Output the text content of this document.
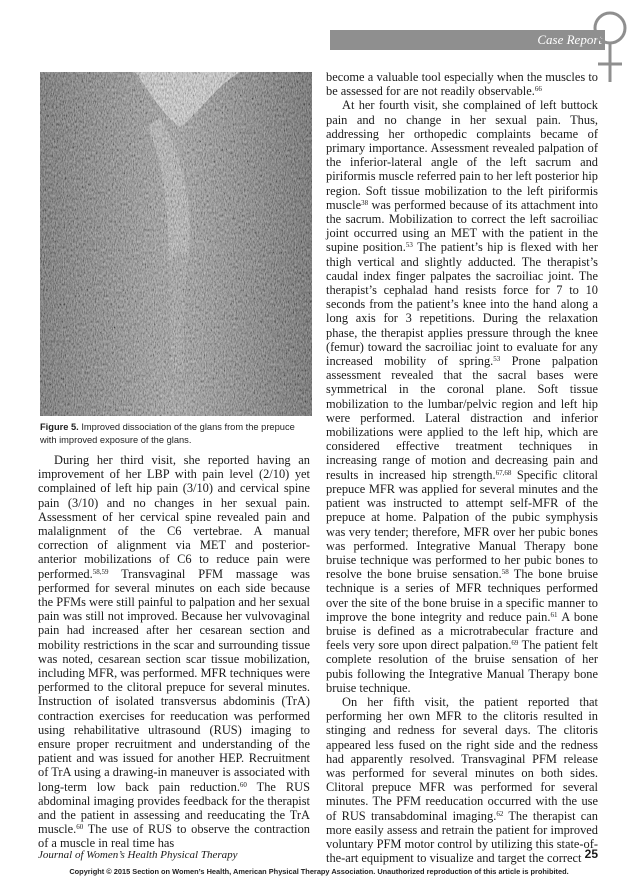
Case Report
Figure 5. Improved dissociation of the glans from the prepuce with improved exposure of the glans.

During her third visit, she reported having an improvement of her LBP with pain level (2/10) yet complained of left hip pain (3/10) and cervical spine pain (3/10) and no changes in her sexual pain. Assessment of her cervical spine revealed pain and malalignment of the C6 vertebrae. A manual correction of alignment via MET and posterior-anterior mobilizations of C6 to reduce pain were performed.$^{58,59}$ Transvaginal PFM massage was performed for several minutes on each side because the PFMs were still painful to palpation and her sexual pain was still not improved. Because her vulvovaginal pain had increased after her cesarean section and mobility restrictions in the scar and surrounding tissue was noted, cesarean section scar tissue mobilization, including MFR, was performed. MFR techniques were performed to the clitoral prepuce for several minutes. Instruction of isolated transversus abdominis (TrA) contraction exercises for reeducation was performed using rehabilitative ultrasound (RUS) imaging to ensure proper recruitment and understanding of the patient and was issued for another HEP. Recruitment of TrA using a drawing-in maneuver is associated with long-term low back pain reduction.$^{60}$ The RUS abdominal imaging provides feedback for the therapist and the patient in assessing and reeducating the TrA muscle.$^{60}$ The use of RUS to observe the contraction of a muscle in real time has

become a valuable tool especially when the muscles to be assessed for are not readily observable.$^{66}$

At her fourth visit, she complained of left buttock pain and no change in her sexual pain. Thus, addressing her orthopedic complaints became of primary importance. Assessment revealed palpation of the inferior-lateral angle of the left sacrum and piriformis muscle referred pain to her left posterior hip region. Soft tissue mobilization to the left piriformis muscle$^{38}$ was performed because of its attachment into the sacrum. Mobilization to correct the left sacroiliac joint occurred using an MET with the patient in the supine position.$^{53}$ The patient’s hip is flexed with her thigh vertical and slightly adducted. The therapist’s caudal index finger palpates the sacroiliac joint. The therapist’s cephalad hand resists force for 7 to 10 seconds from the patient’s knee into the hand along a long axis for 3 repetitions. During the relaxation phase, the therapist applies pressure through the knee (femur) toward the sacroiliac joint to evaluate for any increased mobility of spring.$^{53}$ Prone palpation assessment revealed that the sacral bases were symmetrical in the coronal plane. Soft tissue mobilization to the lumbar/pelvic region and left hip were performed. Lateral distraction and inferior mobilizations were applied to the left hip, which are considered effective treatment techniques in increasing range of motion and decreasing pain and results in increased hip strength.$^{67,68}$ Specific clitoral prepuce MFR was applied for several minutes and the patient was instructed to attempt self-MFR of the prepuce at home. Palpation of the pubic symphysis was very tender; therefore, MFR over her pubic bones was performed. Integrative Manual Therapy bone bruise technique was performed to her pubic bones to resolve the bone bruise sensation.$^{58}$ The bone bruise technique is a series of MFR techniques performed over the site of the bone bruise in a specific manner to improve the bone integrity and reduce pain.$^{61}$ A bone bruise is defined as a microtrabecular fracture and feels very sore upon direct palpation.$^{69}$ The patient felt complete resolution of the bruise sensation of her pubis following the Integrative Manual Therapy bone bruise technique.

On her fifth visit, the patient reported that performing her own MFR to the clitoris resulted in stinging and redness for several days. The clitoris appeared less fused on the right side and the redness had apparently resolved. Transvaginal PFM release was performed for several minutes on both sides. Clitoral prepuce MFR was performed for several minutes. The PFM reeducation occurred with the use of RUS transabdominal imaging.$^{62}$ The therapist can more easily assess and retrain the patient for improved voluntary PFM motor control by utilizing this state-of-the-art equipment to visualize and target the correct

Journal of Women’s Health Physical Therapy	25
Copyright © 2015 Section on Women’s Health, American Physical Therapy Association. Unauthorized reproduction of this article is prohibited.
